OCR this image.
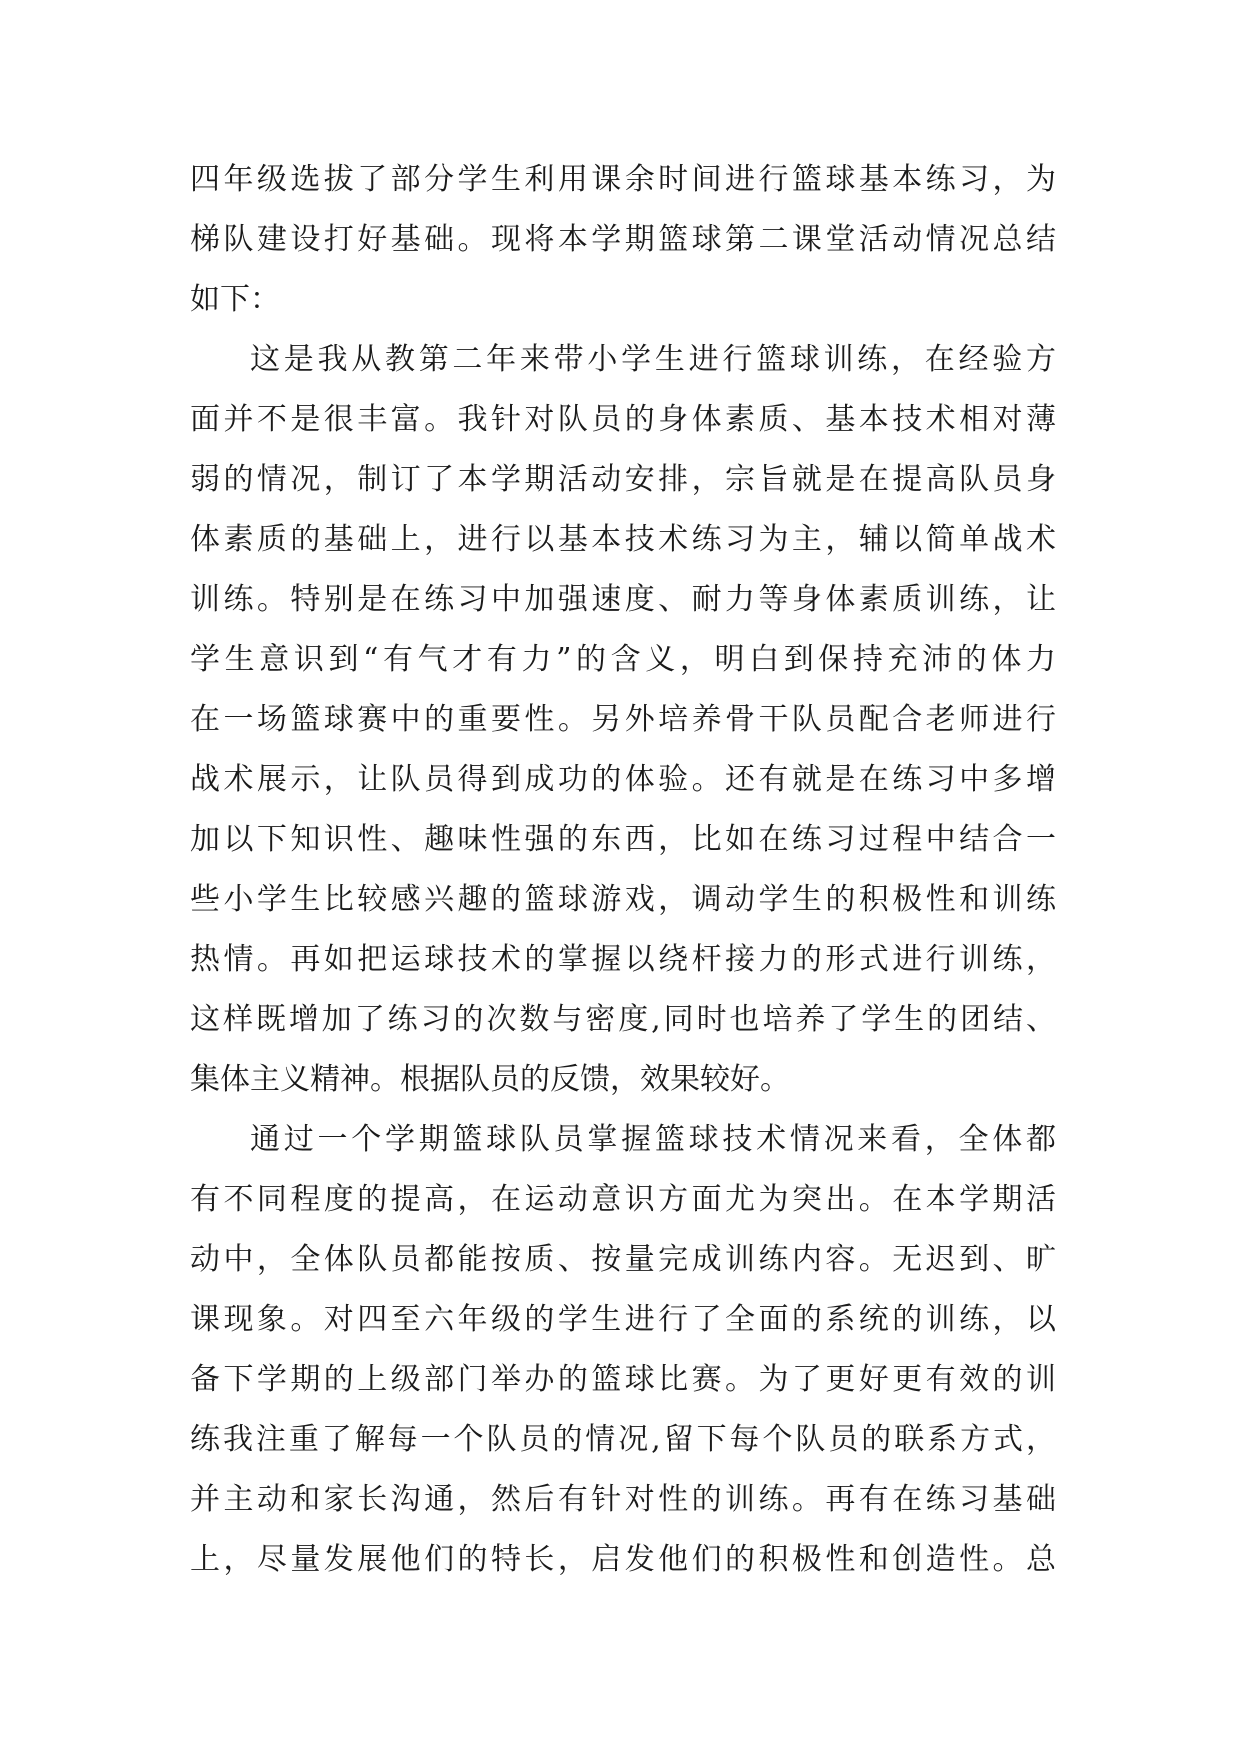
四年级选拔了部分学生利用课余时间进行篮球基本练习，为
梯队建设打好基础。现将本学期篮球第二课堂活动情况总结
如下：
这是我从教第二年来带小学生进行篮球训练，在经验方
面并不是很丰富。我针对队员的身体素质、基本技术相对薄
弱的情况，制订了本学期活动安排，宗旨就是在提高队员身
体素质的基础上，进行以基本技术练习为主，辅以简单战术
训练。特别是在练习中加强速度、耐力等身体素质训练，让
学生意识到“有气才有力”的含义，明白到保持充沛的体力
在一场篮球赛中的重要性。另外培养骨干队员配合老师进行
战术展示，让队员得到成功的体验。还有就是在练习中多增
加以下知识性、趣味性强的东西，比如在练习过程中结合一
些小学生比较感兴趣的篮球游戏，调动学生的积极性和训练
热情。再如把运球技术的掌握以绕杆接力的形式进行训练，
这样既增加了练习的次数与密度,同时也培养了学生的团结、
集体主义精神。根据队员的反馈，效果较好。
通过一个学期篮球队员掌握篮球技术情况来看，全体都
有不同程度的提高，在运动意识方面尤为突出。在本学期活
动中，全体队员都能按质、按量完成训练内容。无迟到、旷
课现象。对四至六年级的学生进行了全面的系统的训练，以
备下学期的上级部门举办的篮球比赛。为了更好更有效的训
练我注重了解每一个队员的情况,留下每个队员的联系方式，
并主动和家长沟通，然后有针对性的训练。再有在练习基础
上，尽量发展他们的特长，启发他们的积极性和创造性。总
